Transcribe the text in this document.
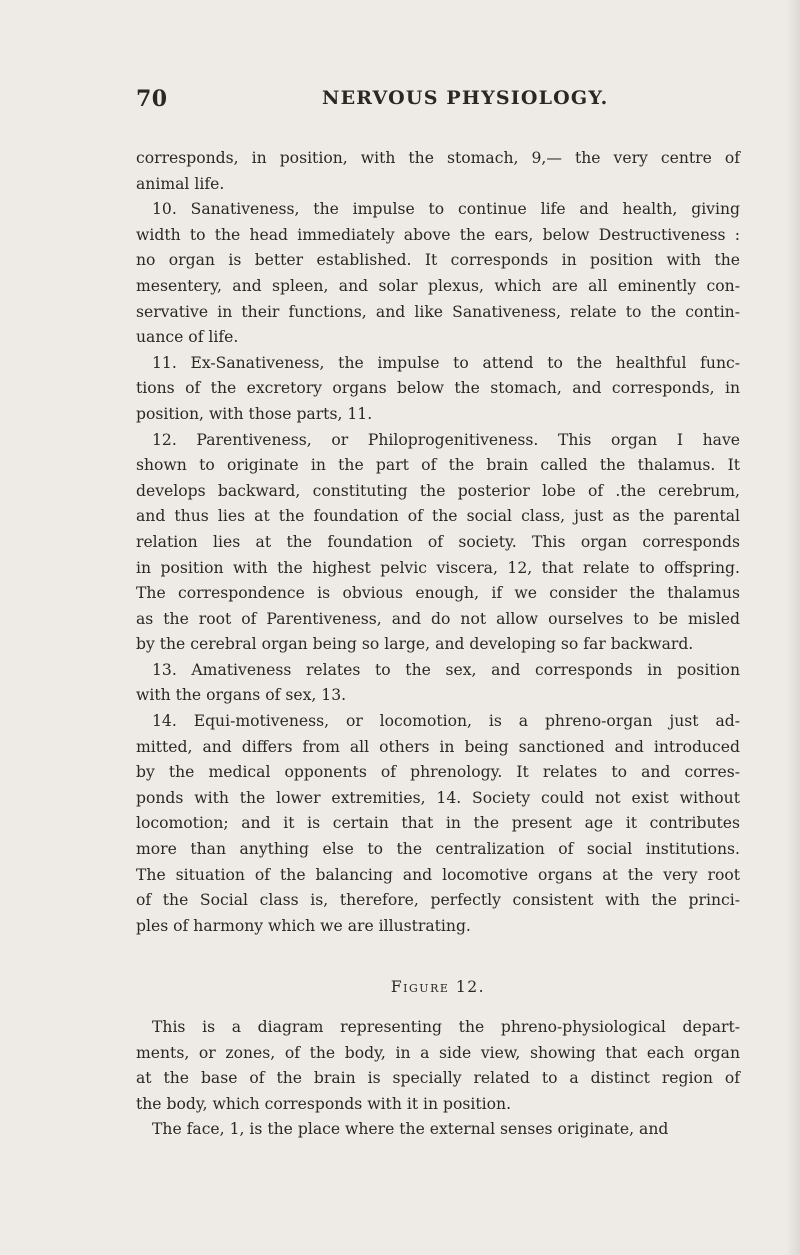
70	NERVOUS PHYSIOLOGY.
corresponds, in position, with the stomach, 9,— the very centre of
animal life.
10. Sanativeness, the impulse to continue life and health, giving
width to the head immediately above the ears, below Destructiveness :
no organ is better established. It corresponds in position with the
mesentery, and spleen, and solar plexus, which are all eminently con-
servative in their functions, and like Sanativeness, relate to the contin-
uance of life.
11. Ex-Sanativeness, the impulse to attend to the healthful func-
tions of the excretory organs below the stomach, and corresponds, in
position, with those parts, 11.
12. Parentiveness, or Philoprogenitiveness. This organ I have
shown to originate in the part of the brain called the thalamus. It
develops backward, constituting the posterior lobe of .the cerebrum,
and thus lies at the foundation of the social class, just as the parental
relation lies at the foundation of society. This organ corresponds
in position with the highest pelvic viscera, 12, that relate to offspring.
The correspondence is obvious enough, if we consider the thalamus
as the root of Parentiveness, and do not allow ourselves to be misled
by the cerebral organ being so large, and developing so far backward.
13. Amativeness relates to the sex, and corresponds in position
with the organs of sex, 13.
14. Equi-motiveness, or locomotion, is a phreno-organ just ad-
mitted, and differs from all others in being sanctioned and introduced
by the medical opponents of phrenology. It relates to and corres-
ponds with the lower extremities, 14. Society could not exist without
locomotion; and it is certain that in the present age it contributes
more than anything else to the centralization of social institutions.
The situation of the balancing and locomotive organs at the very root
of the Social class is, therefore, perfectly consistent with the princi-
ples of harmony which we are illustrating.
Figure 12.
This is a diagram representing the phreno-physiological depart-
ments, or zones, of the body, in a side view, showing that each organ
at the base of the brain is specially related to a distinct region of
the body, which corresponds with it in position.
The face, 1, is the place where the external senses originate, and
